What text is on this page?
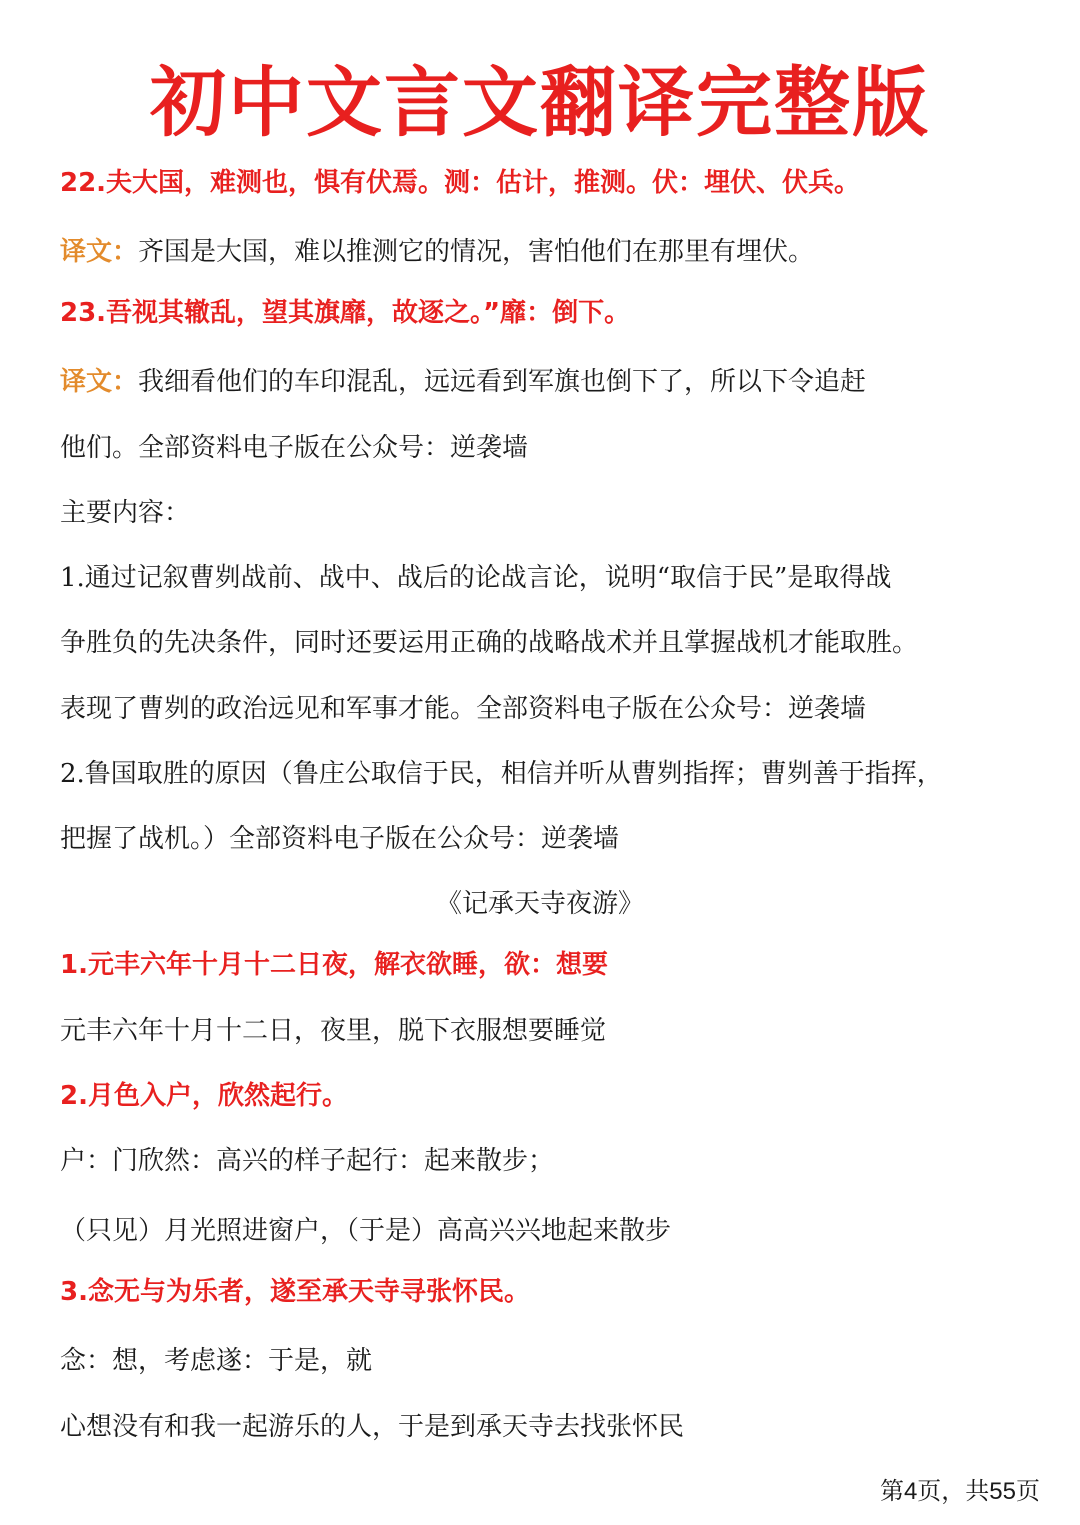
初中文言文翻译完整版
22.夫大国，难测也，惧有伏焉。测：估计，推测。伏：埋伏、伏兵。
译文：齐国是大国，难以推测它的情况，害怕他们在那里有埋伏。
23.吾视其辙乱，望其旗靡，故逐之。”靡：倒下。
译文：我细看他们的车印混乱，远远看到军旗也倒下了，所以下令追赶
他们。全部资料电子版在公众号：逆袭墙
主要内容：
1.通过记叙曹刿战前、战中、战后的论战言论，说明“取信于民”是取得战
争胜负的先决条件，同时还要运用正确的战略战术并且掌握战机才能取胜。
表现了曹刿的政治远见和军事才能。全部资料电子版在公众号：逆袭墙
2.鲁国取胜的原因（鲁庄公取信于民，相信并听从曹刿指挥；曹刿善于指挥，
把握了战机。）全部资料电子版在公众号：逆袭墙
《记承天寺夜游》
1.元丰六年十月十二日夜，解衣欲睡，欲：想要
元丰六年十月十二日，夜里，脱下衣服想要睡觉
2.月色入户，欣然起行。
户：门欣然：高兴的样子起行：起来散步；
（只见）月光照进窗户，（于是）高高兴兴地起来散步
3.念无与为乐者，遂至承天寺寻张怀民。
念：想，考虑遂：于是，就
心想没有和我一起游乐的人，于是到承天寺去找张怀民
第4页，共55页
